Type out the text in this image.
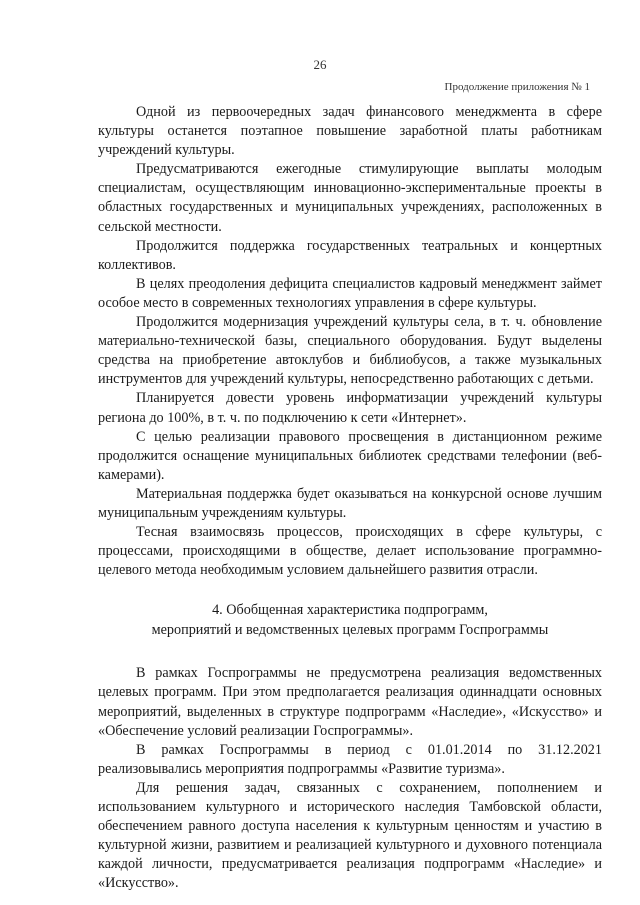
26
Продолжение приложения № 1

Одной из первоочередных задач финансового менеджмента в сфере культуры останется поэтапное повышение заработной платы работникам учреждений культуры.

Предусматриваются ежегодные стимулирующие выплаты молодым специалистам, осуществляющим инновационно-экспериментальные проекты в областных государственных и муниципальных учреждениях, расположенных в сельской местности.

Продолжится поддержка государственных театральных и концертных коллективов.

В целях преодоления дефицита специалистов кадровый менеджмент займет особое место в современных технологиях управления в сфере культуры.

Продолжится модернизация учреждений культуры села, в т. ч. обновление материально-технической базы, специального оборудования. Будут выделены средства на приобретение автоклубов и библиобусов, а также музыкальных инструментов для учреждений культуры, непосредственно работающих с детьми.

Планируется довести уровень информатизации учреждений культуры региона до 100%, в т. ч. по подключению к сети «Интернет».

С целью реализации правового просвещения в дистанционном режиме продолжится оснащение муниципальных библиотек средствами телефонии (веб-камерами).

Материальная поддержка будет оказываться на конкурсной основе лучшим муниципальным учреждениям культуры.

Тесная взаимосвязь процессов, происходящих в сфере культуры, с процессами, происходящими в обществе, делает использование программно-целевого метода необходимым условием дальнейшего развития отрасли.

4. Обобщенная характеристика подпрограмм,
мероприятий и ведомственных целевых программ Госпрограммы

В рамках Госпрограммы не предусмотрена реализация ведомственных целевых программ. При этом предполагается реализация одиннадцати основных мероприятий, выделенных в структуре подпрограмм «Наследие», «Искусство» и «Обеспечение условий реализации Госпрограммы».

В рамках Госпрограммы в период с 01.01.2014 по 31.12.2021 реализовывались мероприятия подпрограммы «Развитие туризма».

Для решения задач, связанных с сохранением, пополнением и использованием культурного и исторического наследия Тамбовской области, обеспечением равного доступа населения к культурным ценностям и участию в культурной жизни, развитием и реализацией культурного и духовного потенциала каждой личности, предусматривается реализация подпрограмм «Наследие» и «Искусство».
